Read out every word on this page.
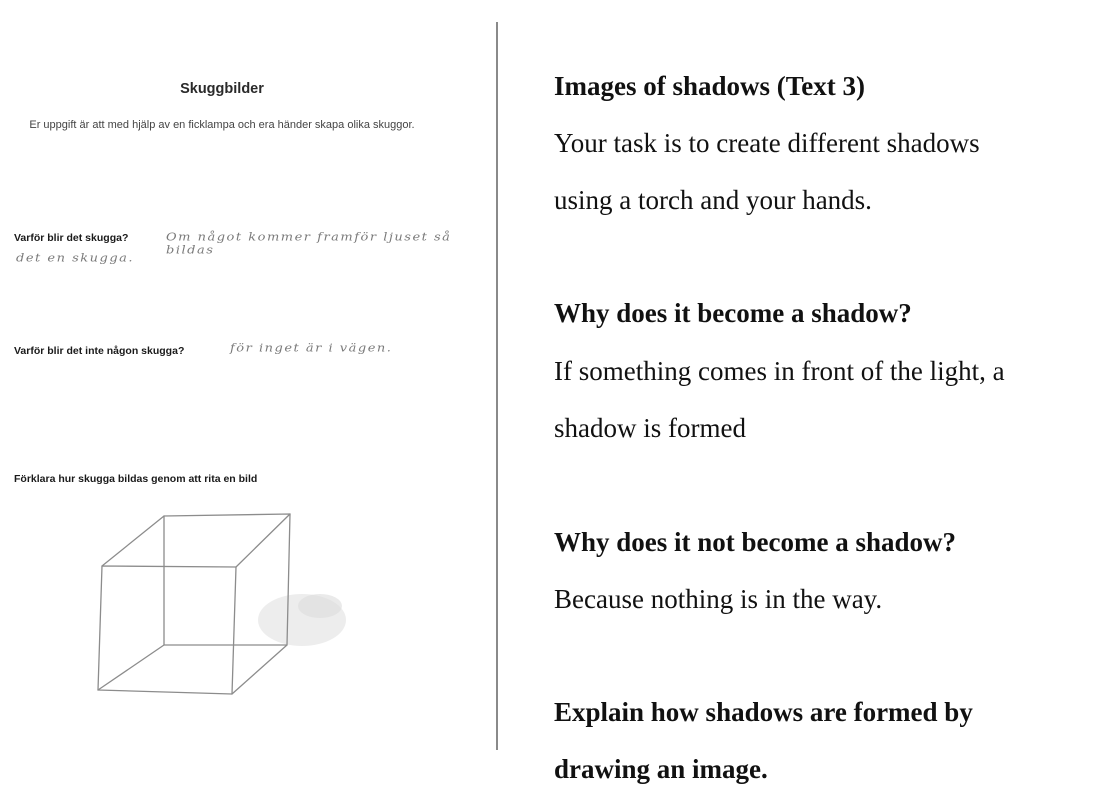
Skuggbilder
Er uppgift är att med hjälp av en ficklampa och era händer skapa olika skuggor.
Varför blir det skugga?	Om något kommer framför ljuset så bildas
det en skugga.
Varför blir det inte någon skugga?	för inget är i vägen.
Förklara hur skugga bildas genom att rita en bild
Images of shadows (Text 3)
Your task is to create different shadows
using a torch and your hands.
Why does it become a shadow?
If something comes in front of the light, a
shadow is formed
Why does it not become a shadow?
Because nothing is in the way.
Explain how shadows are formed by
drawing an image.
